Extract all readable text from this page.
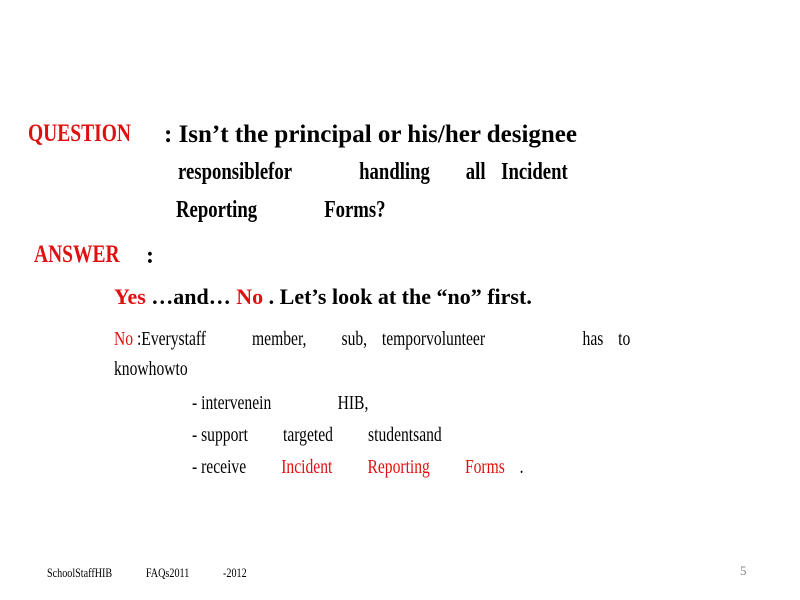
QUESTION	: Isn’t the principal or his/her designee
responsiblefor	handling all Incident
Reporting	Forms?
ANSWER	:
Yes …and… No . Let’s look at the “no” first.
No :Everystaff member, sub, temporvolunteer	has to
knowhowto
- intervenein	HIB,
- support targeted studentsand
- receive Incident Reporting Forms .
SchoolStaffHIB	FAQs2011	-2012	5
